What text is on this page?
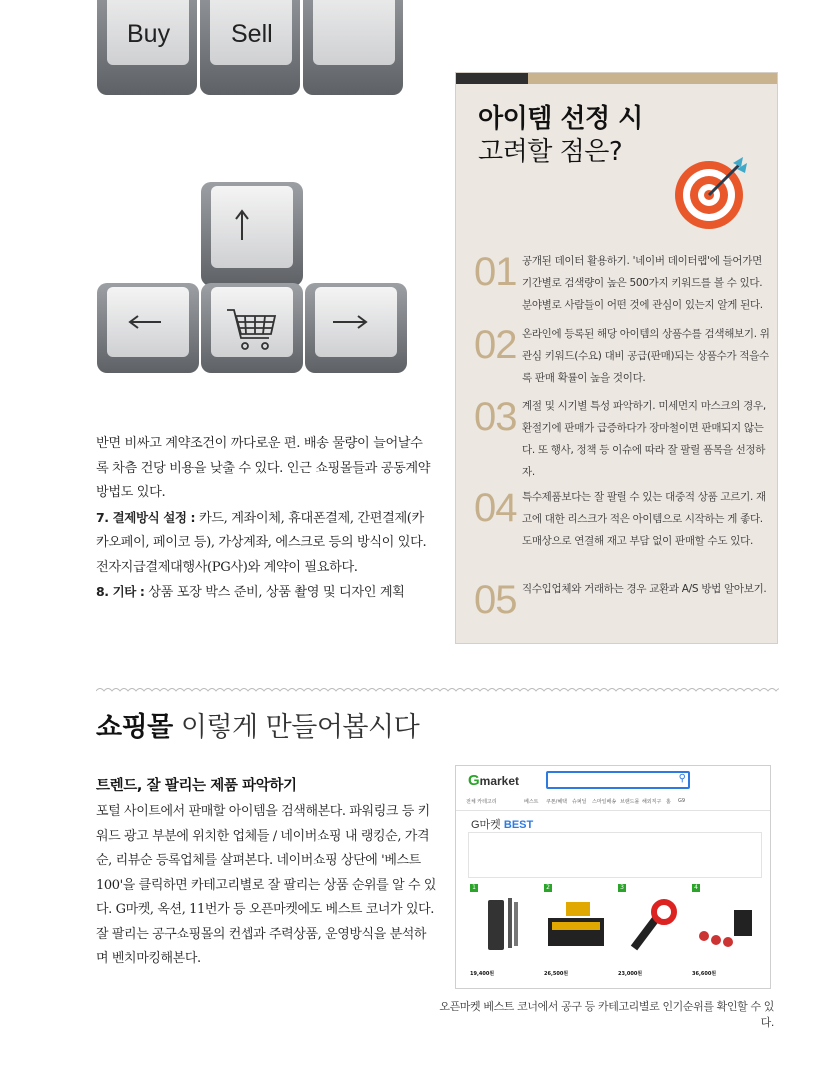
Buy Sell
아이템 선정 시
고려할 점은?
01 공개된 데이터 활용하기. '네이버 데이터랩'에 들어가면 기간별로 검색량이 높은 500가지 키워드를 볼 수 있다. 분야별로 사람들이 어떤 것에 관심이 있는지 알게 된다.
02 온라인에 등록된 해당 아이템의 상품수를 검색해보기. 위 관심 키워드(수요) 대비 공급(판매)되는 상품수가 적을수록 판매 확률이 높을 것이다.
03 계절 및 시기별 특성 파악하기. 미세먼지 마스크의 경우, 환절기에 판매가 급증하다가 장마철이면 판매되지 않는다. 또 행사, 정책 등 이슈에 따라 잘 팔릴 품목을 선정하자.
04 특수제품보다는 잘 팔릴 수 있는 대중적 상품 고르기. 재고에 대한 리스크가 적은 아이템으로 시작하는 게 좋다. 도매상으로 연결해 재고 부담 없이 판매할 수도 있다.
05 직수입업체와 거래하는 경우 교환과 A/S 방법 알아보기.
반면 비싸고 계약조건이 까다로운 편. 배송 물량이 늘어날수록 차츰 건당 비용을 낮출 수 있다. 인근 쇼핑몰들과 공동계약 방법도 있다.
7. 결제방식 설정 : 카드, 계좌이체, 휴대폰결제, 간편결제(카카오페이, 페이코 등), 가상계좌, 에스크로 등의 방식이 있다. 전자지급결제대행사(PG사)와 계약이 필요하다.
8. 기타 : 상품 포장 박스 준비, 상품 촬영 및 디자인 계획
쇼핑몰 이렇게 만들어봅시다
트렌드, 잘 팔리는 제품 파악하기
포털 사이트에서 판매할 아이템을 검색해본다. 파워링크 등 키워드 광고 부분에 위치한 업체들 / 네이버쇼핑 내 랭킹순, 가격순, 리뷰순 등록업체를 살펴본다. 네이버쇼핑 상단에 '베스트100'을 클릭하면 카테고리별로 잘 팔리는 상품 순위를 알 수 있다. G마켓, 옥션, 11번가 등 오픈마켓에도 베스트 코너가 있다. 잘 팔리는 공구쇼핑몰의 컨셉과 주력상품, 운영방식을 분석하며 벤치마킹해본다.
Gmarket	⚲
전체 카테고리	베스트 쿠폰/혜택 슈퍼딜 스마일배송 브랜드몰 해외직구 홈 G9
G마켓 BEST
1
19,400원
2
26,500원
3
23,000원
4
36,600원
오픈마켓 베스트 코너에서 공구 등 카테고리별로 인기순위를 확인할 수 있다.
